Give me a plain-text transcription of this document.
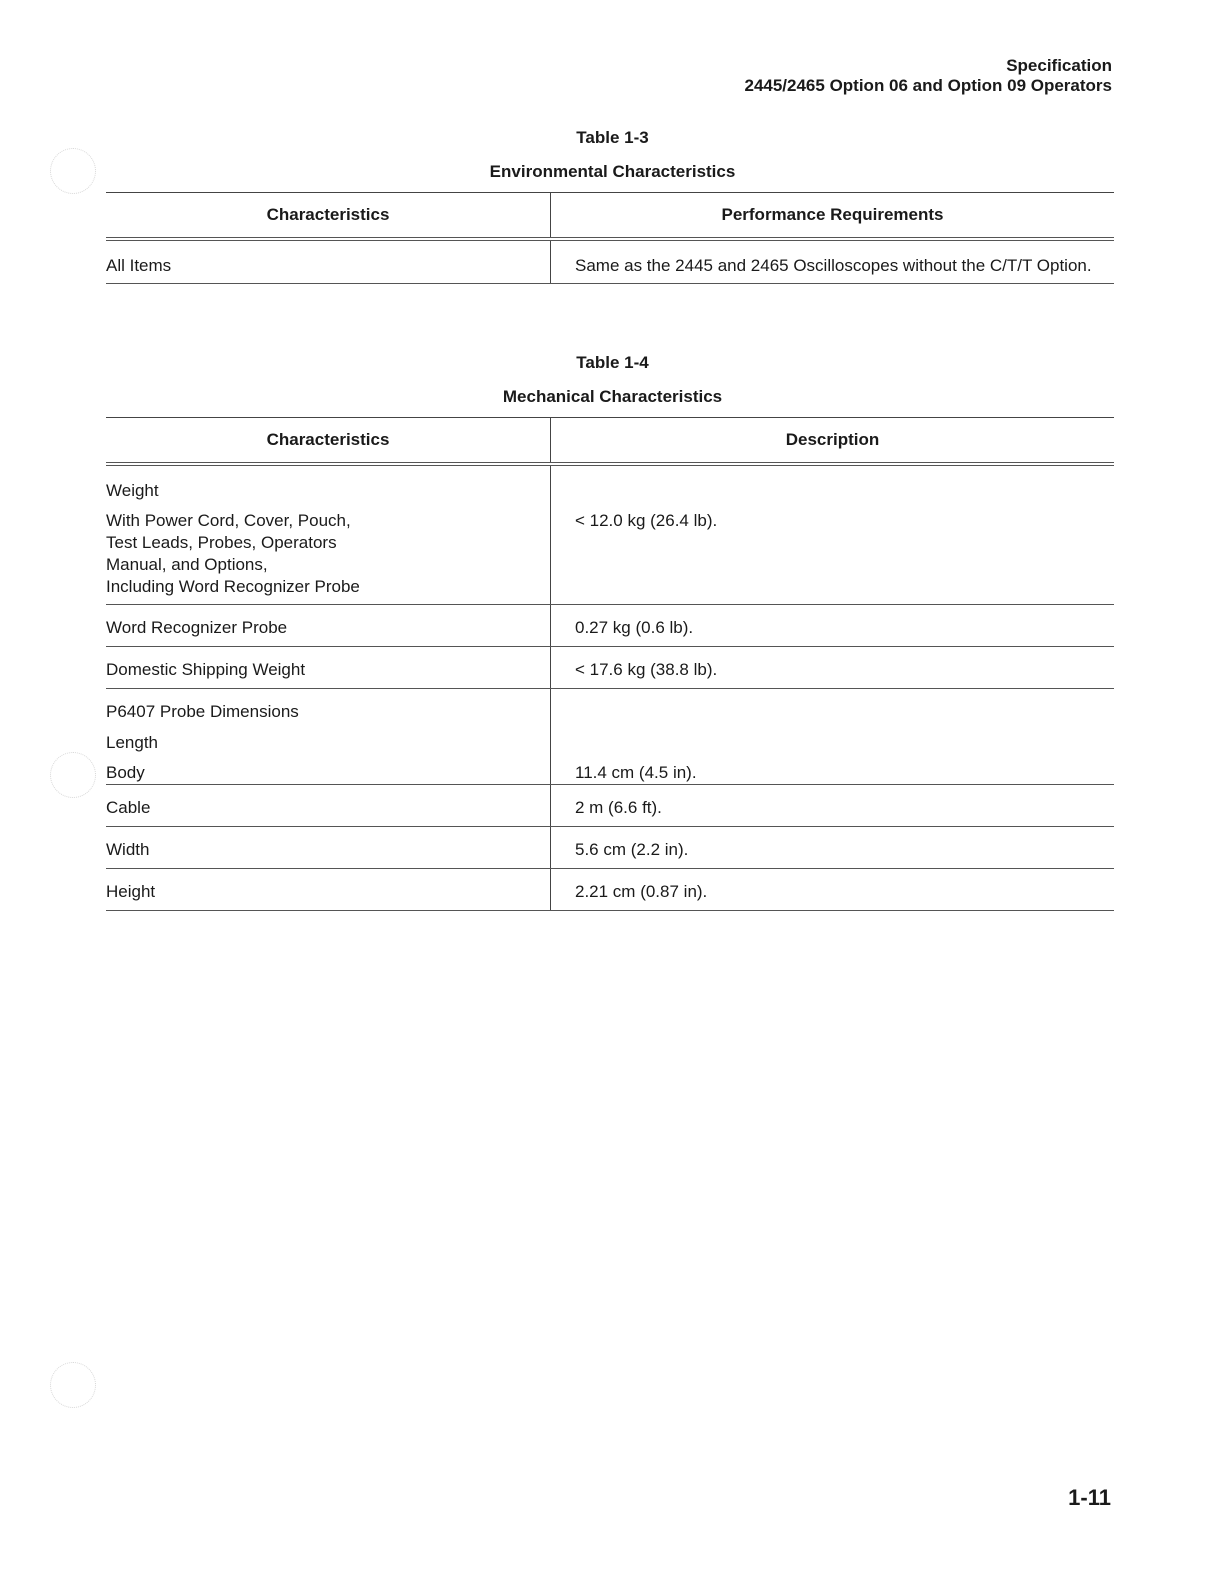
Specification
2445/2465 Option 06 and Option 09 Operators
Table 1-3
Environmental Characteristics
Characteristics	Performance Requirements
All Items	Same as the 2445 and 2465 Oscilloscopes without the C/T/T Option.
Table 1-4
Mechanical Characteristics
Characteristics	Description
Weight	

With Power Cord, Cover, Pouch,
Test Leads, Probes, Operators
Manual, and Options,
Including Word Recognizer Probe	< 12.0 kg (26.4 lb).
Word Recognizer Probe	0.27 kg (0.6 lb).
Domestic Shipping Weight	< 17.6 kg (38.8 lb).
P6407 Probe Dimensions	
Length	
Body	11.4 cm (4.5 in).
Cable	2 m (6.6 ft).
Width	5.6 cm (2.2 in).
Height	2.21 cm (0.87 in).
1-11
